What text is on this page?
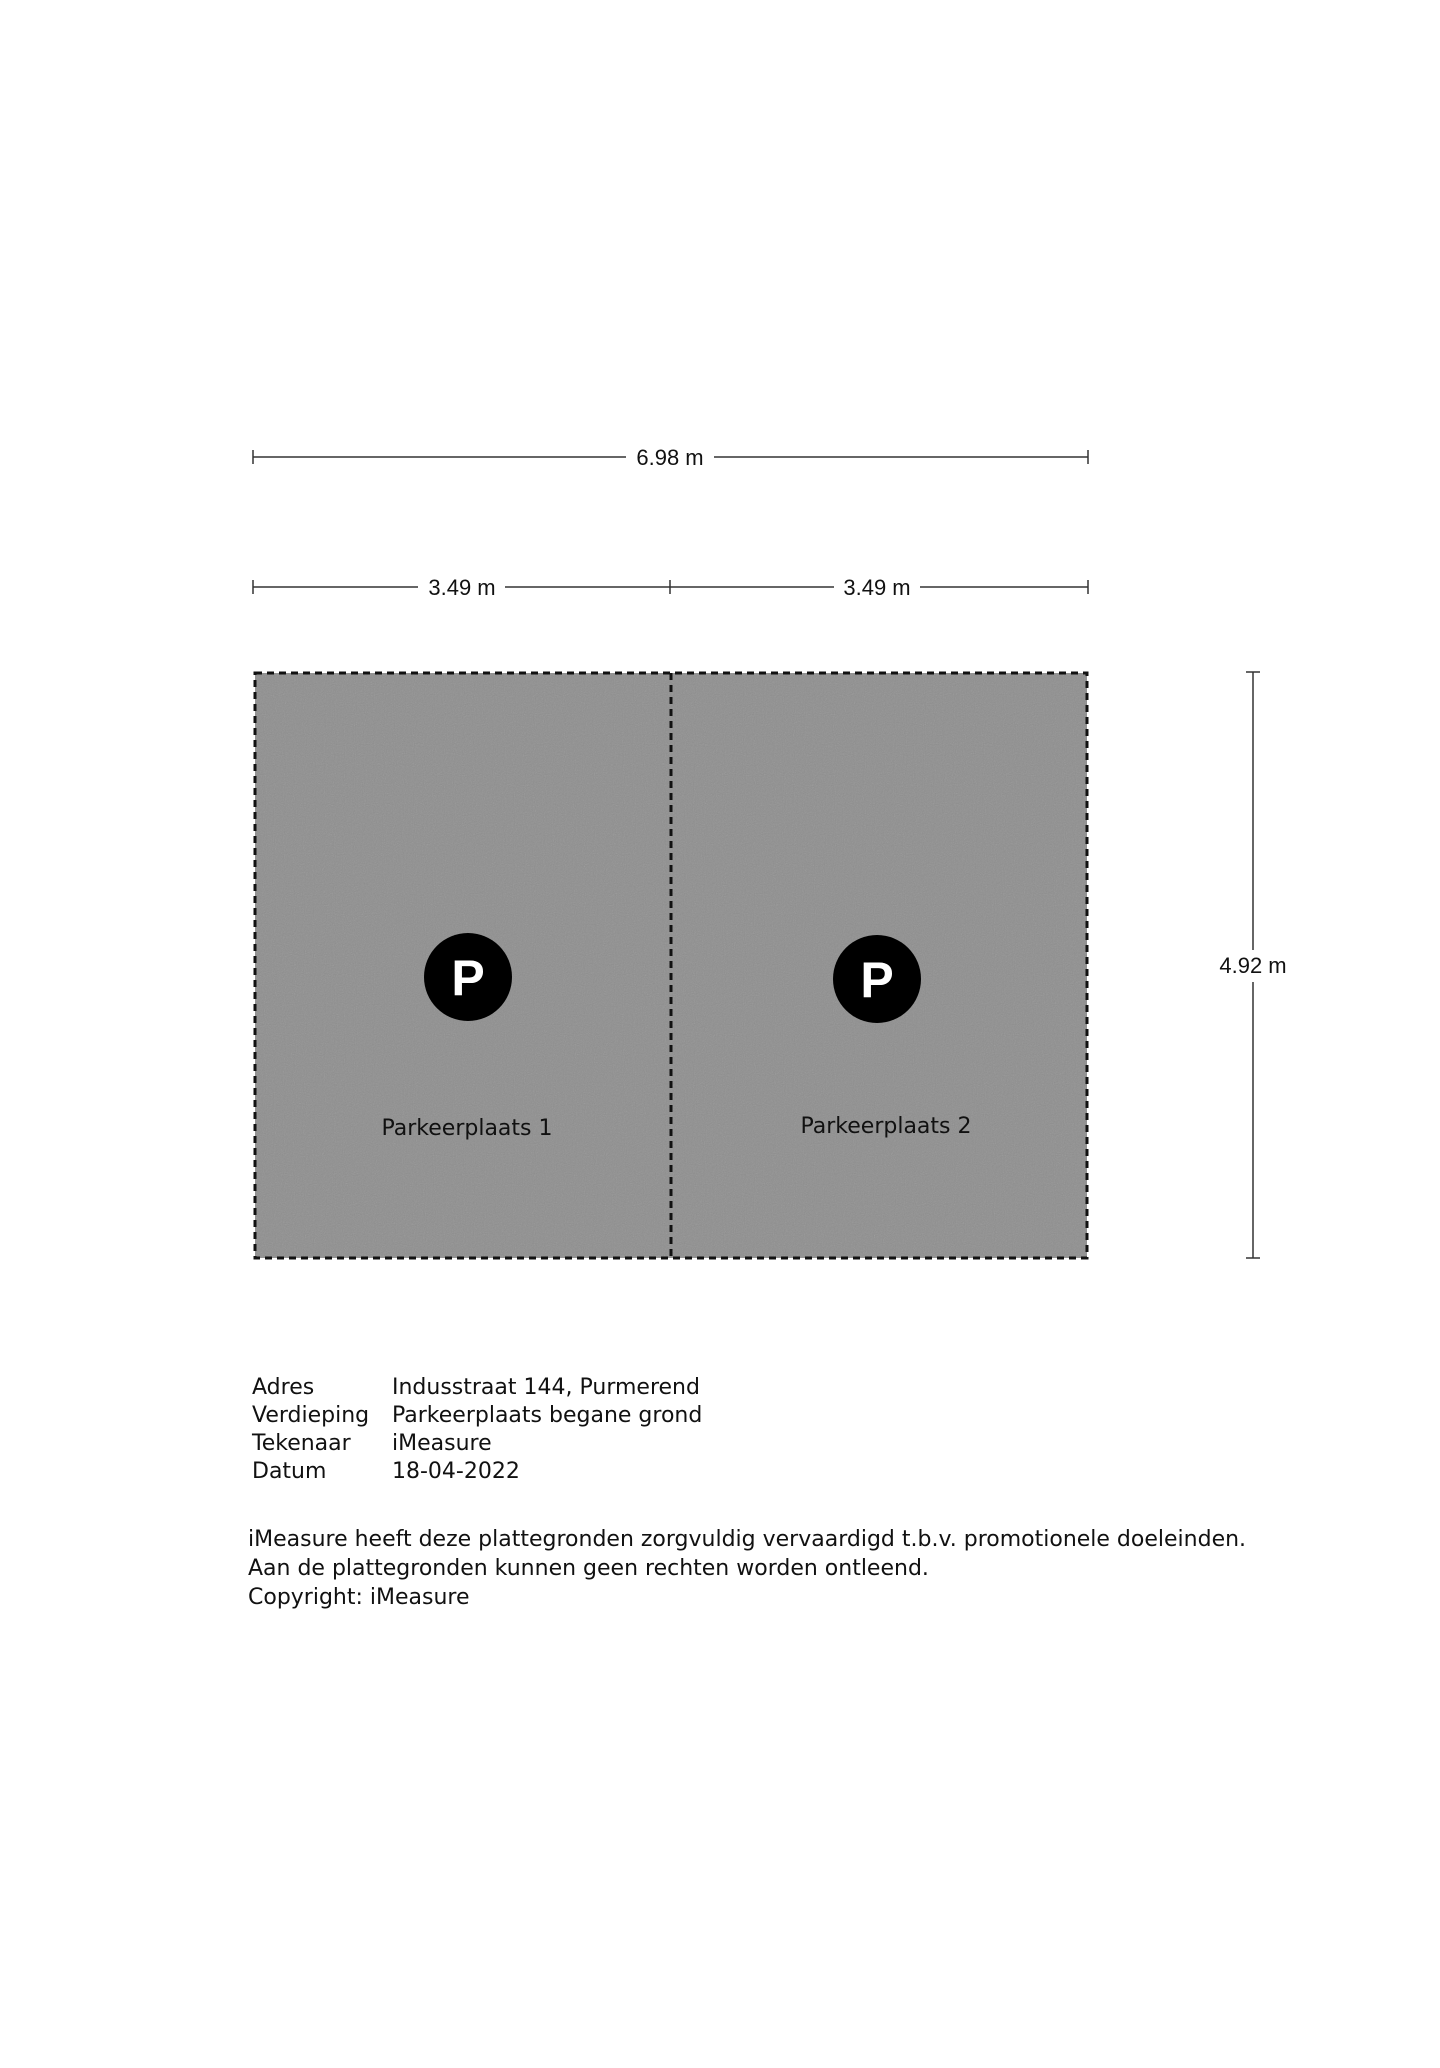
6.98 m
3.49 m	3.49 m
4.92 m
P	P
Parkeerplaats 1	Parkeerplaats 2
Adres	Indusstraat 144, Purmerend
Verdieping	Parkeerplaats begane grond
Tekenaar	iMeasure
Datum	18-04-2022
iMeasure heeft deze plattegronden zorgvuldig vervaardigd t.b.v. promotionele doeleinden.
Aan de plattegronden kunnen geen rechten worden ontleend.
Copyright: iMeasure
